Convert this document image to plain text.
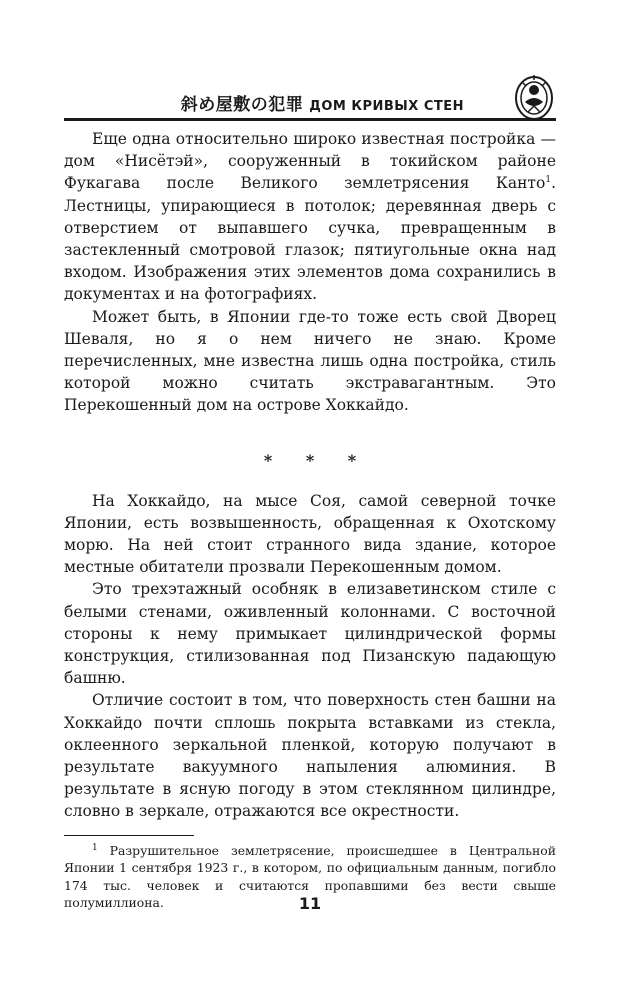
斜め屋敷の犯罪 ДОМ КРИВЫХ СТЕН

Еще одна относительно широко известная постройка — дом «Нисётэй», сооруженный в токийском районе Фукагава после Великого землетрясения Канто$^1$. Лестницы, упирающиеся в потолок; деревянная дверь с отверстием от выпавшего сучка, превращенным в застекленный смотровой глазок; пятиугольные окна над входом. Изображения этих элементов дома сохранились в документах и на фотографиях.

Может быть, в Японии где-то тоже есть свой Дворец Шеваля, но я о нем ничего не знаю. Кроме перечисленных, мне известна лишь одна постройка, стиль которой можно считать экстравагантным. Это Перекошенный дом на острове Хоккайдо.

* * *

На Хоккайдо, на мысе Соя, самой северной точке Японии, есть возвышенность, обращенная к Охотскому морю. На ней стоит странного вида здание, которое местные обитатели прозвали Перекошенным домом.

Это трехэтажный особняк в елизаветинском стиле с белыми стенами, оживленный колоннами. С восточной стороны к нему примыкает цилиндрической формы конструкция, стилизованная под Пизанскую падающую башню.

Отличие состоит в том, что поверхность стен башни на Хоккайдо почти сплошь покрыта вставками из стекла, оклеенного зеркальной пленкой, которую получают в результате вакуумного напыления алюминия. В результате в ясную погоду в этом стеклянном цилиндре, словно в зеркале, отражаются все окрестности.

$^1$ Разрушительное землетрясение, происшедшее в Центральной Японии 1 сентября 1923 г., в котором, по официальным данным, погибло 174 тыс. человек и считаются пропавшими без вести свыше полумиллиона.	11
